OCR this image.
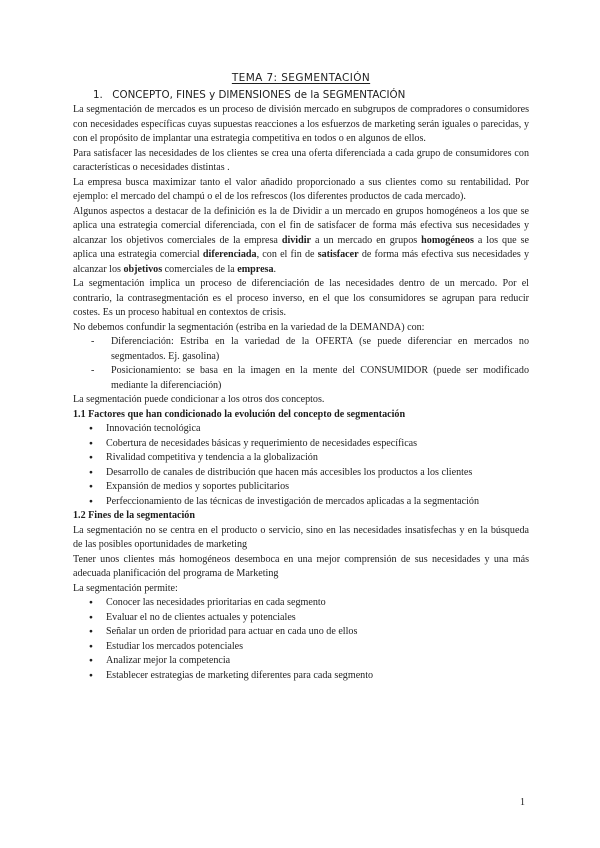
TEMA 7: SEGMENTACIÓN
1. CONCEPTO, FINES y DIMENSIONES de la SEGMENTACIÓN

La segmentación de mercados es un proceso de división mercado en subgrupos de compradores o consumidores con necesidades específicas cuyas supuestas reacciones a los esfuerzos de marketing serán iguales o parecidas, y con el propósito de implantar una estrategia competitiva en todos o en algunos de ellos.

Para satisfacer las necesidades de los clientes se crea una oferta diferenciada a cada grupo de consumidores con características o necesidades distintas .

La empresa busca maximizar tanto el valor añadido proporcionado a sus clientes como su rentabilidad. Por ejemplo: el mercado del champú o el de los refrescos (los diferentes productos de cada mercado).

Algunos aspectos a destacar de la definición es la de Dividir a un mercado en grupos homogéneos a los que se aplica una estrategia comercial diferenciada, con el fin de satisfacer de forma más efectiva sus necesidades y alcanzar los objetivos comerciales de la empresa dividir a un mercado en grupos homogéneos a los que se aplica una estrategia comercial diferenciada, con el fin de satisfacer de forma más efectiva sus necesidades y alcanzar los objetivos comerciales de la empresa.

La segmentación implica un proceso de diferenciación de las necesidades dentro de un mercado. Por el contrario, la contrasegmentación es el proceso inverso, en el que los consumidores se agrupan para reducir costes. Es un proceso habitual en contextos de crisis.

No debemos confundir la segmentación (estriba en la variedad de la DEMANDA) con:

- Diferenciación: Estriba en la variedad de la OFERTA (se puede diferenciar en mercados no segmentados. Ej. gasolina)
- Posicionamiento: se basa en la imagen en la mente del CONSUMIDOR (puede ser modificado mediante la diferenciación)

La segmentación puede condicionar a los otros dos conceptos.

1.1 Factores que han condicionado la evolución del concepto de segmentación
● Innovación tecnológica
● Cobertura de necesidades básicas y requerimiento de necesidades específicas
● Rivalidad competitiva y tendencia a la globalización
● Desarrollo de canales de distribución que hacen más accesibles los productos a los clientes
● Expansión de medios y soportes publicitarios
● Perfeccionamiento de las técnicas de investigación de mercados aplicadas a la segmentación
1.2 Fines de la segmentación

La segmentación no se centra en el producto o servicio, sino en las necesidades insatisfechas y en la búsqueda de las posibles oportunidades de marketing

Tener unos clientes más homogéneos desemboca en una mejor comprensión de sus necesidades y una más adecuada planificación del programa de Marketing

La segmentación permite:

● Conocer las necesidades prioritarias en cada segmento
● Evaluar el no de clientes actuales y potenciales
● Señalar un orden de prioridad para actuar en cada uno de ellos
● Estudiar los mercados potenciales
● Analizar mejor la competencia
● Establecer estrategias de marketing diferentes para cada segmento
1
